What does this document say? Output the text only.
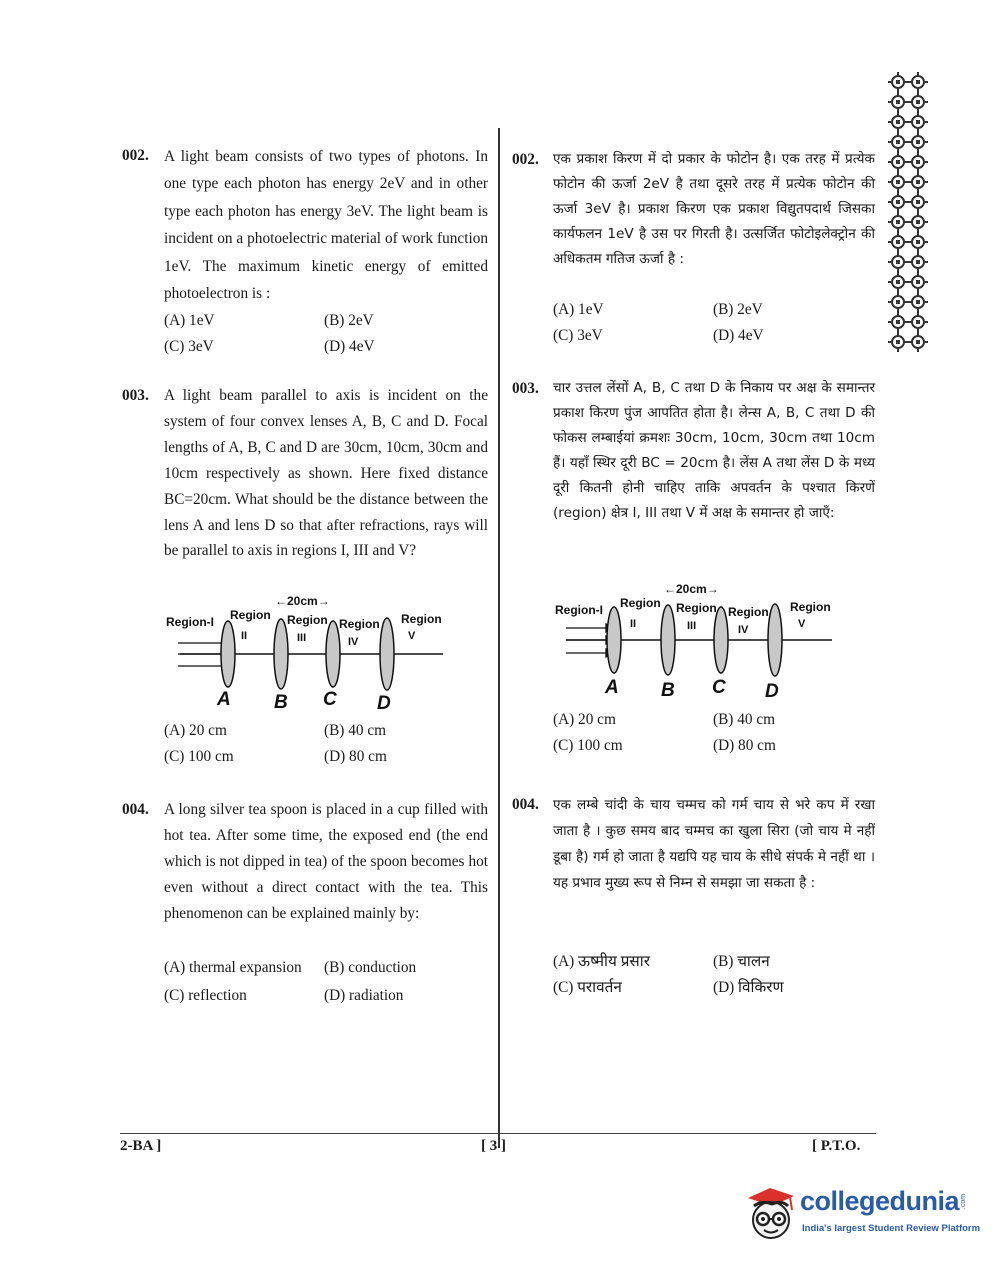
002. A light beam consists of two types of photons. In one type each photon has energy 2eV and in other type each photon has energy 3eV. The light beam is incident on a photoelectric material of work function 1eV. The maximum kinetic energy of emitted photoelectron is :
(A) 1eV	(B) 2eV
(C) 3eV	(D) 4eV
003. A light beam parallel to axis is incident on the system of four convex lenses A, B, C and D. Focal lengths of A, B, C and D are 30cm, 10cm, 30cm and 10cm respectively as shown. Here fixed distance BC=20cm. What should be the distance between the lens A and lens D so that after refractions, rays will be parallel to axis in regions I, III and V?
(A) 20 cm	(B) 40 cm
(C) 100 cm	(D) 80 cm
←20cm→
Region-I Region
II
Region
III
Region
IV
Region
V
A B C D
004. A long silver tea spoon is placed in a cup filled with hot tea. After some time, the exposed end (the end which is not dipped in tea) of the spoon becomes hot even without a direct contact with the tea. This phenomenon can be explained mainly by:
(A) thermal expansion (B) conduction
(C) reflection	(D) radiation
002. एक प्रकाश किरण में दो प्रकार के फोटोन है। एक तरह में प्रत्येक फोटोन की ऊर्जा 2eV है तथा दूसरे तरह में प्रत्येक फोटोन की ऊर्जा 3eV है। प्रकाश किरण एक प्रकाश विद्युतपदार्थ जिसका कार्यफलन 1eV है उस पर गिरती है। उत्सर्जित फोटोइलेक्ट्रोन की अधिकतम गतिज ऊर्जा है :
(A) 1eV	(B) 2eV
(C) 3eV	(D) 4eV
003. चार उत्तल लेंसों A, B, C तथा D के निकाय पर अक्ष के समान्तर प्रकाश किरण पुंज आपतित होता है। लेन्स A, B, C तथा D की फोकस लम्बाईयां क्रमशः 30cm, 10cm, 30cm तथा 10cm हैं। यहाँ स्थिर दूरी BC = 20cm है। लेंस A तथा लेंस D के मध्य दूरी कितनी होनी चाहिए ताकि अपवर्तन के पश्चात किरणें (region) क्षेत्र I, III तथा V में अक्ष के समान्तर हो जाएँ:
(A) 20 cm	(B) 40 cm
(C) 100 cm	(D) 80 cm
←20cm→
Region-I Region
II
Region
III
Region
IV
Region
V
A B C D
004. एक लम्बे चांदी के चाय चम्मच को गर्म चाय से भरे कप में रखा जाता है । कुछ समय बाद चम्मच का खुला सिरा (जो चाय मे नहीं डूबा है) गर्म हो जाता है यद्यपि यह चाय के सीधे संपर्क मे नहीं था । यह प्रभाव मुख्य रूप से निम्न से समझा जा सकता है :
(A) ऊष्मीय प्रसार	(B) चालन
(C) परावर्तन	(D) विकिरण
2-BA ]	[ 3 ]	[ P.T.O.
collegedunia .com
India's largest Student Review Platform
